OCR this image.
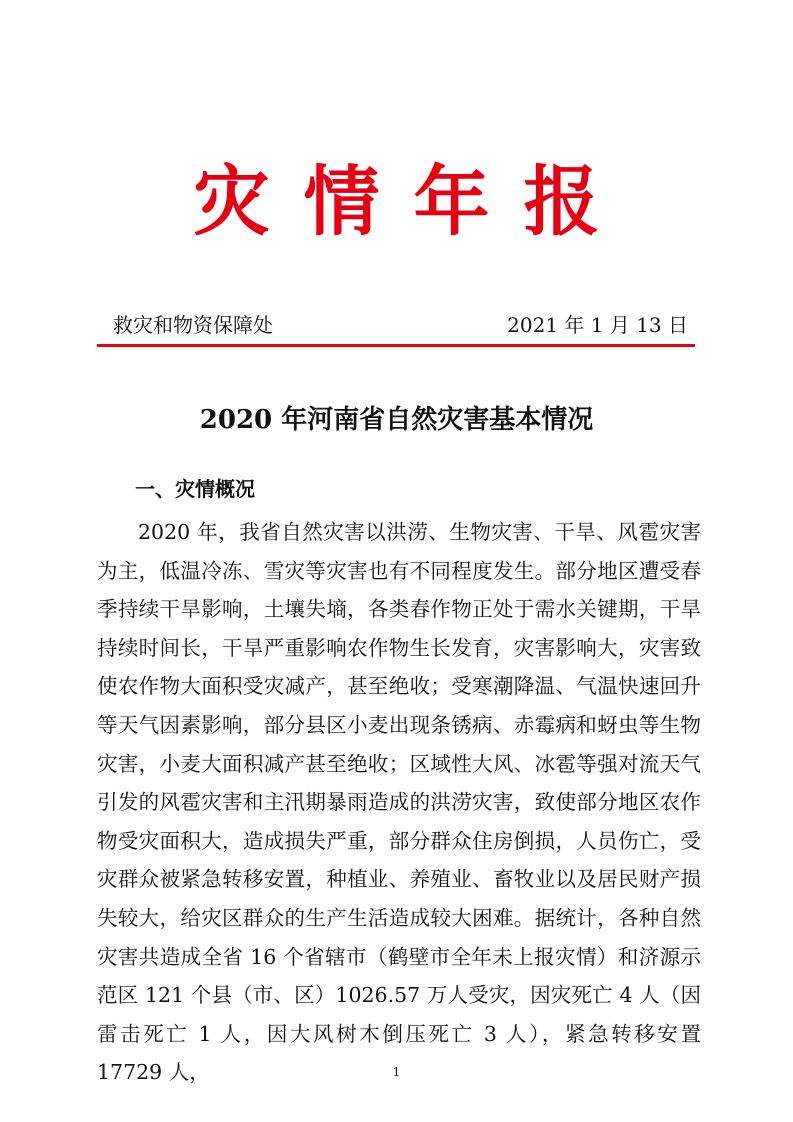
灾情年报
救灾和物资保障处	2021 年 1 月 13 日
2020 年河南省自然灾害基本情况
一、灾情概况

2020 年，我省自然灾害以洪涝、生物灾害、干旱、风雹灾害为主，低温冷冻、雪灾等灾害也有不同程度发生。部分地区遭受春季持续干旱影响，土壤失墒，各类春作物正处于需水关键期，干旱持续时间长，干旱严重影响农作物生长发育，灾害影响大，灾害致使农作物大面积受灾减产，甚至绝收；受寒潮降温、气温快速回升等天气因素影响，部分县区小麦出现条锈病、赤霉病和蚜虫等生物灾害，小麦大面积减产甚至绝收；区域性大风、冰雹等强对流天气引发的风雹灾害和主汛期暴雨造成的洪涝灾害，致使部分地区农作物受灾面积大，造成损失严重，部分群众住房倒损，人员伤亡，受灾群众被紧急转移安置，种植业、养殖业、畜牧业以及居民财产损失较大，给灾区群众的生产生活造成较大困难。据统计，各种自然灾害共造成全省 16 个省辖市（鹤壁市全年未上报灾情）和济源示范区 121 个县（市、区）1026.57 万人受灾，因灾死亡 4 人（因雷击死亡 1 人，因大风树木倒压死亡 3 人），紧急转移安置 17729 人，	1
